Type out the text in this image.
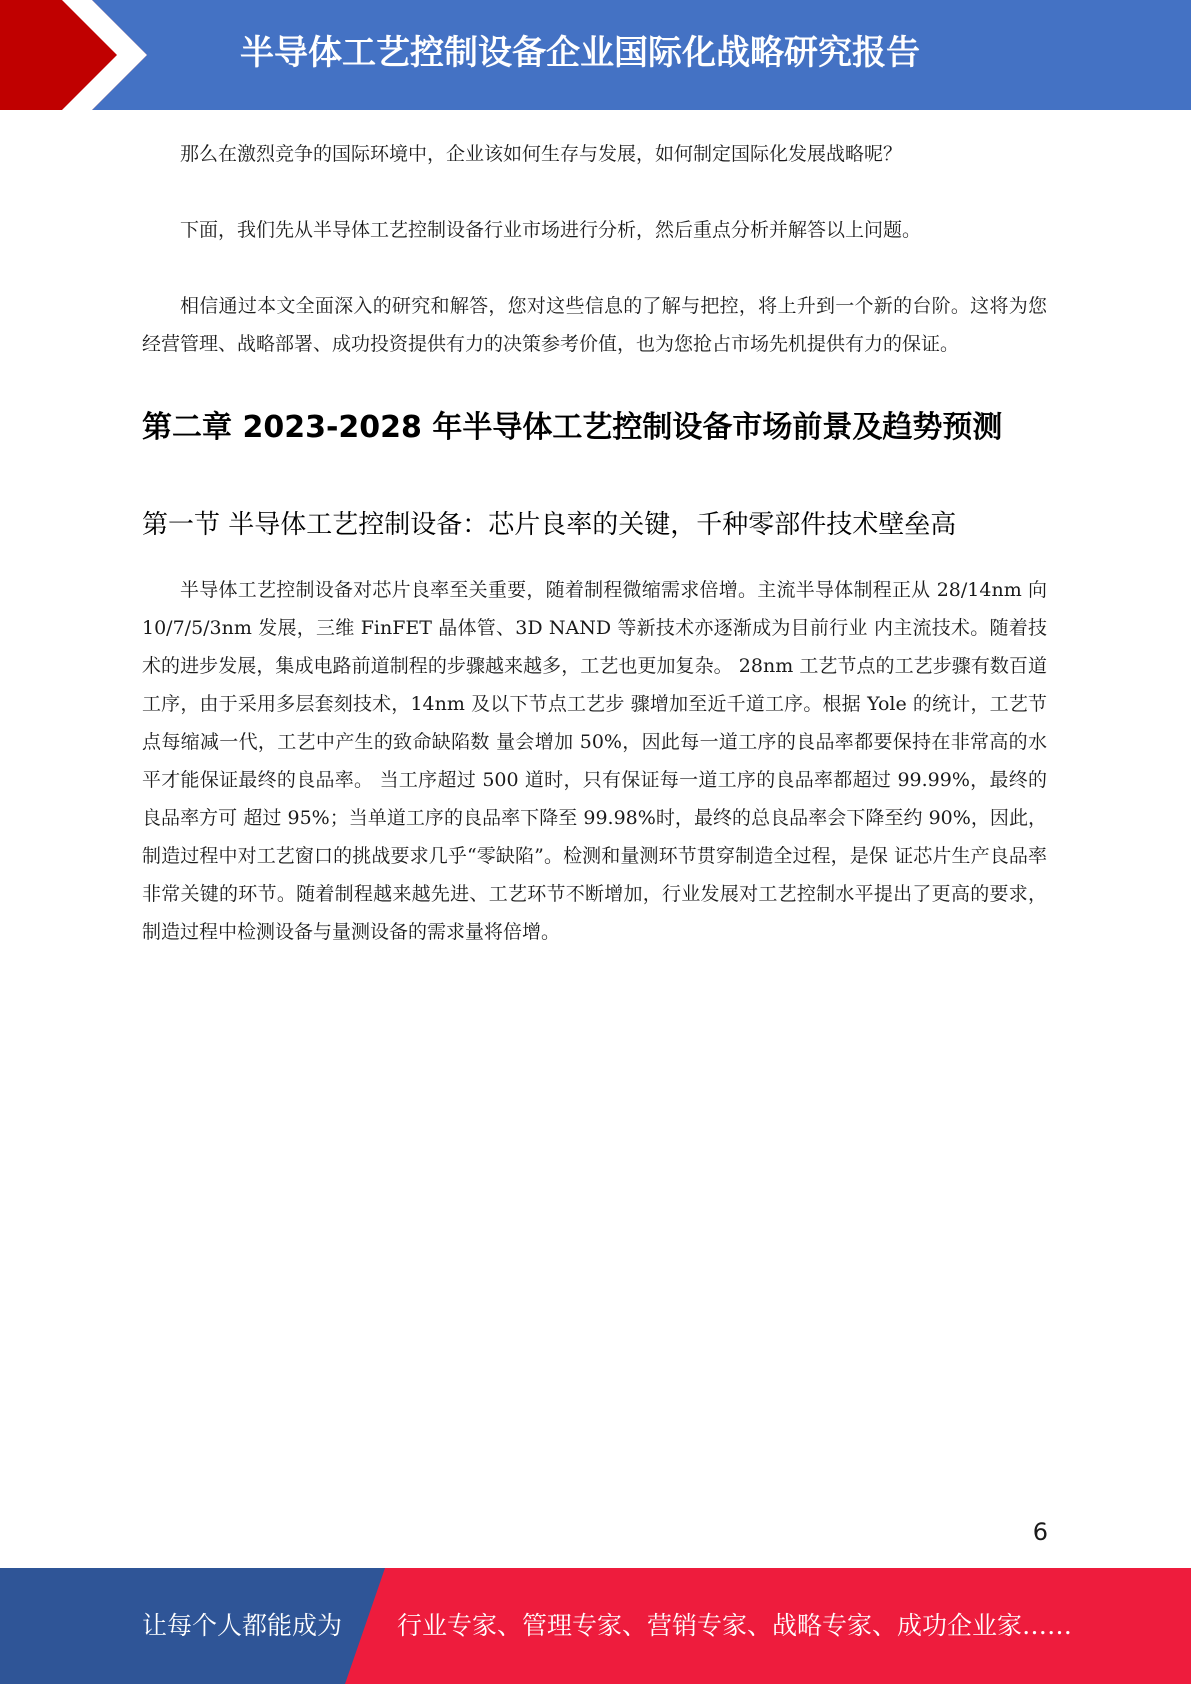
半导体工艺控制设备企业国际化战略研究报告

那么在激烈竞争的国际环境中，企业该如何生存与发展，如何制定国际化发展战略呢？

下面，我们先从半导体工艺控制设备行业市场进行分析，然后重点分析并解答以上问题。

相信通过本文全面深入的研究和解答，您对这些信息的了解与把控，将上升到一个新的台阶。这将为您经营管理、战略部署、成功投资提供有力的决策参考价值，也为您抢占市场先机提供有力的保证。

第二章 2023-2028 年半导体工艺控制设备市场前景及趋势预测
第一节 半导体工艺控制设备：芯片良率的关键，千种零部件技术壁垒高

半导体工艺控制设备对芯片良率至关重要，随着制程微缩需求倍增。主流半导体制程正从 28/14nm 向 10/7/5/3nm 发展，三维 FinFET 晶体管、3D NAND 等新技术亦逐渐成为目前行业 内主流技术。随着技术的进步发展，集成电路前道制程的步骤越来越多，工艺也更加复杂。 28nm 工艺节点的工艺步骤有数百道工序，由于采用多层套刻技术，14nm 及以下节点工艺步 骤增加至近千道工序。根据 Yole 的统计，工艺节点每缩减一代，工艺中产生的致命缺陷数 量会增加 50%，因此每一道工序的良品率都要保持在非常高的水平才能保证最终的良品率。 当工序超过 500 道时，只有保证每一道工序的良品率都超过 99.99%，最终的良品率方可 超过 95%；当单道工序的良品率下降至 99.98%时，最终的总良品率会下降至约 90%，因此， 制造过程中对工艺窗口的挑战要求几乎“零缺陷”。检测和量测环节贯穿制造全过程，是保 证芯片生产良品率非常关键的环节。随着制程越来越先进、工艺环节不断增加，行业发展对工艺控制水平提出了更高的要求，制造过程中检测设备与量测设备的需求量将倍增。

6
让每个人都能成为 行业专家、管理专家、营销专家、战略专家、成功企业家……
